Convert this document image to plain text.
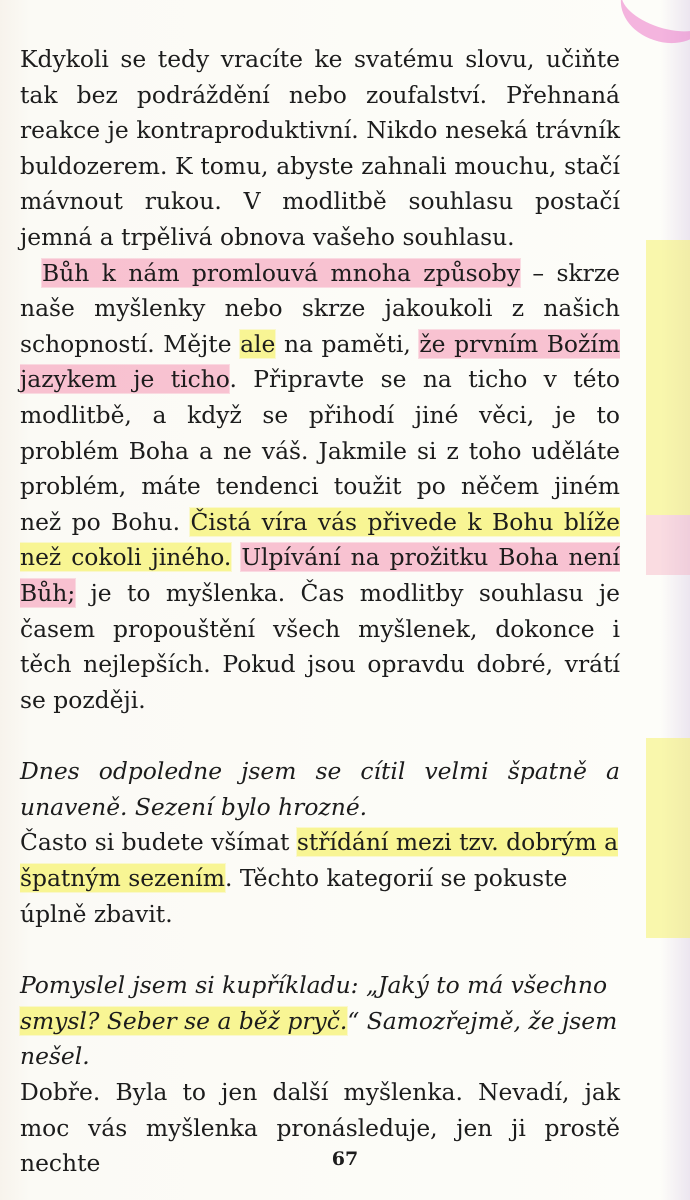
Kdykoli se tedy vracíte ke svatému slovu, učiňte tak bez podráždění nebo zoufalství. Přehnaná reakce je kontraproduktivní. Nikdo neseká trávník buldozerem. K tomu, abyste zahnali mouchu, stačí mávnout rukou. V modlitbě souhlasu postačí jemná a trpělivá obnova vašeho souhlasu.

Bůh k nám promlouvá mnoha způsoby – skrze naše myšlenky nebo skrze jakoukoli z našich schopností. Mějte ale na paměti, že prvním Božím jazykem je ticho. Připravte se na ticho v této modlitbě, a když se přihodí jiné věci, je to problém Boha a ne váš. Jakmile si z toho uděláte problém, máte tendenci toužit po něčem jiném než po Bohu. Čistá víra vás přivede k Bohu blíže než cokoli jiného. Ulpívání na prožitku Boha není Bůh; je to myšlenka. Čas modlitby souhlasu je časem propouštění všech myšlenek, dokonce i těch nejlepších. Pokud jsou opravdu dobré, vrátí se později.

Dnes odpoledne jsem se cítil velmi špatně a unaveně. Sezení bylo hrozné.

Často si budete všímat střídání mezi tzv. dobrým a špatným sezením. Těchto kategorií se pokuste úplně zbavit.

Pomyslel jsem si kupříkladu: „Jaký to má všechno smysl? Seber se a běž pryč.“ Samozřejmě, že jsem nešel.

Dobře. Byla to jen další myšlenka. Nevadí, jak moc vás myšlenka pronásleduje, jen ji prostě nechte	67
